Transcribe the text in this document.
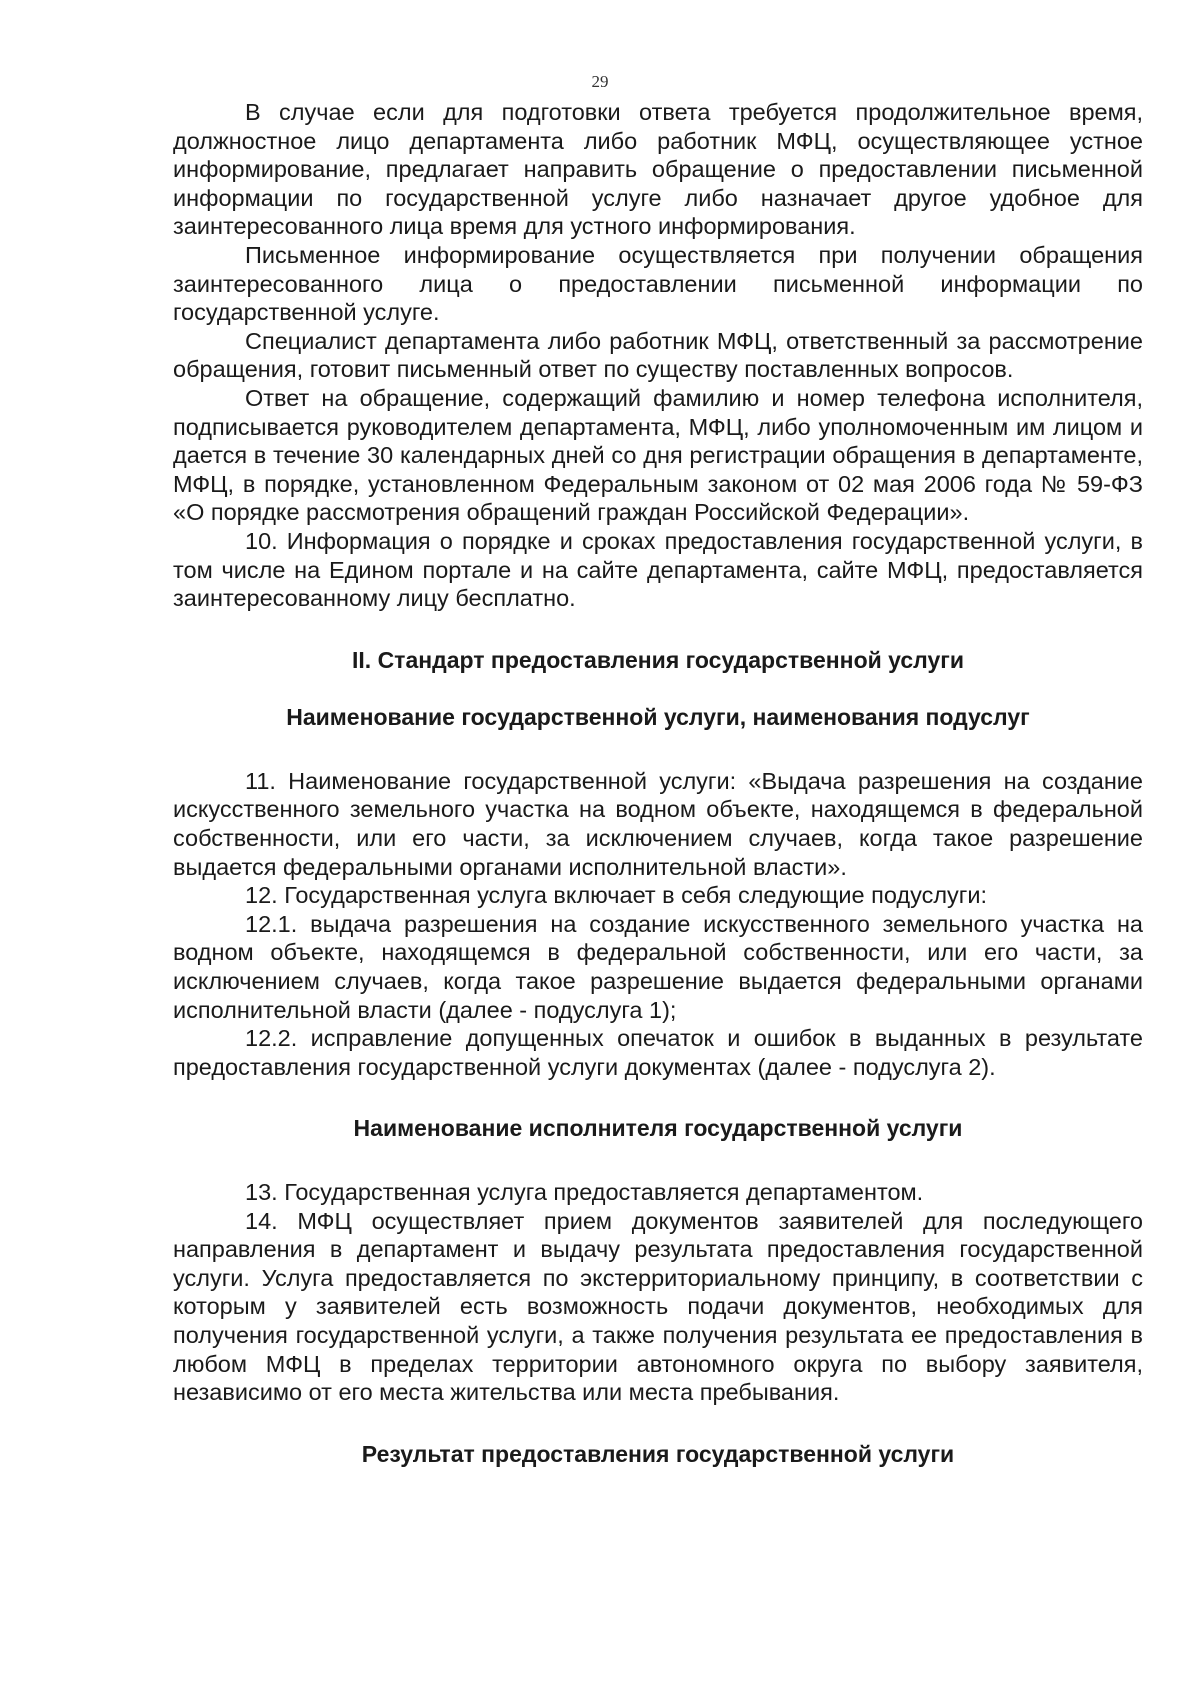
29

В случае если для подготовки ответа требуется продолжительное время, должностное лицо департамента либо работник МФЦ, осуществляющее устное информирование, предлагает направить обращение о предоставлении письменной информации по государственной услуге либо назначает другое удобное для заинтересованного лица время для устного информирования.

Письменное информирование осуществляется при получении обращения заинтересованного лица о предоставлении письменной информации по государственной услуге.

Специалист департамента либо работник МФЦ, ответственный за рассмотрение обращения, готовит письменный ответ по существу поставленных вопросов.

Ответ на обращение, содержащий фамилию и номер телефона исполнителя, подписывается руководителем департамента, МФЦ, либо уполномоченным им лицом и дается в течение 30 календарных дней со дня регистрации обращения в департаменте, МФЦ, в порядке, установленном Федеральным законом от 02 мая 2006 года № 59-ФЗ «О порядке рассмотрения обращений граждан Российской Федерации».

10. Информация о порядке и сроках предоставления государственной услуги, в том числе на Едином портале и на сайте департамента, сайте МФЦ, предоставляется заинтересованному лицу бесплатно.

II. Стандарт предоставления государственной услуги
Наименование государственной услуги, наименования подуслуг

11. Наименование государственной услуги: «Выдача разрешения на создание искусственного земельного участка на водном объекте, находящемся в федеральной собственности, или его части, за исключением случаев, когда такое разрешение выдается федеральными органами исполнительной власти».

12. Государственная услуга включает в себя следующие подуслуги:

12.1. выдача разрешения на создание искусственного земельного участка на водном объекте, находящемся в федеральной собственности, или его части, за исключением случаев, когда такое разрешение выдается федеральными органами исполнительной власти (далее - подуслуга 1);

12.2. исправление допущенных опечаток и ошибок в выданных в результате предоставления государственной услуги документах (далее - подуслуга 2).

Наименование исполнителя государственной услуги

13. Государственная услуга предоставляется департаментом.

14. МФЦ осуществляет прием документов заявителей для последующего направления в департамент и выдачу результата предоставления государственной услуги. Услуга предоставляется по экстерриториальному принципу, в соответствии с которым у заявителей есть возможность подачи документов, необходимых для получения государственной услуги, а также получения результата ее предоставления в любом МФЦ в пределах территории автономного округа по выбору заявителя, независимо от его места жительства или места пребывания.

Результат предоставления государственной услуги
